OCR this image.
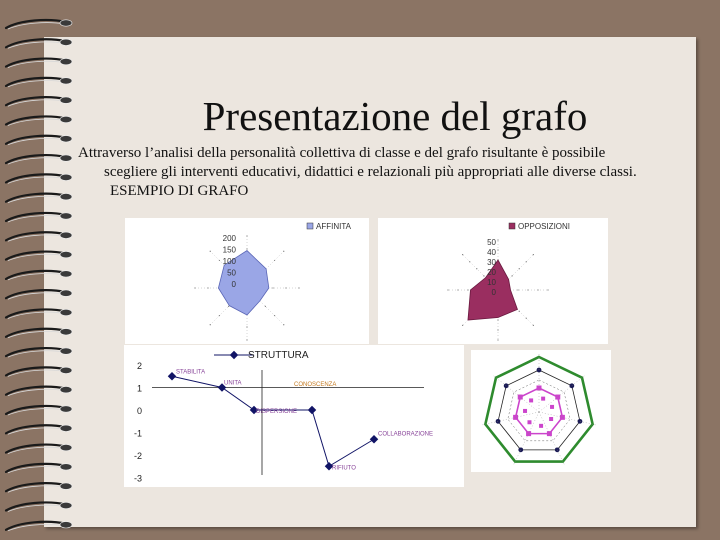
Presentazione del grafo
Attraverso l’analisi della personalità collettiva di classe e del grafo risultante è possibile
scegliere gli interventi educativi, didattici e relazionali più appropriati alle diverse classi.
ESEMPIO DI GRAFO
200
150
100
50
0
AFFINITA
50
40
30
20
10
0
OPPOSIZIONI
2
1
0
-1
-2
-3
STABILITA
UNITA	CONOSCENZA
DISPERSIONE
RIFIUTO
COLLABORAZIONE
STRUTTURA
